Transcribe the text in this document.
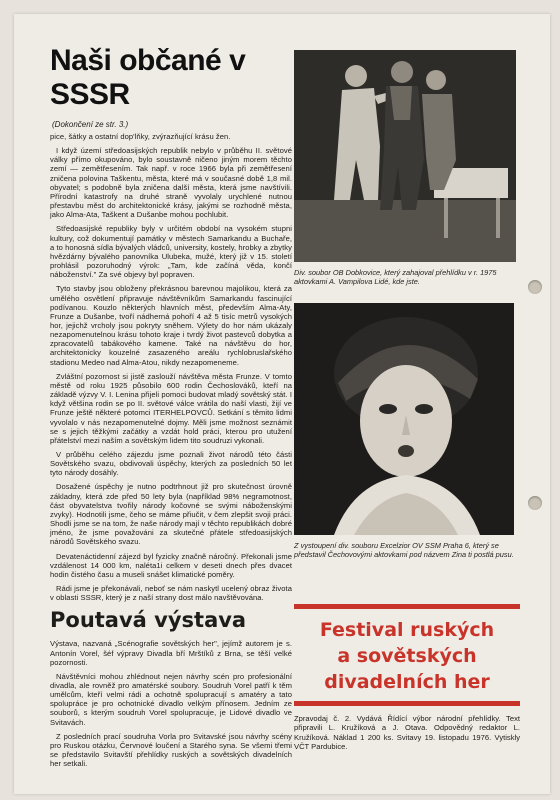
Naši občané v SSSR
(Dokončení ze str. 3.)

pice, šátky a ostatní dop'lňky, zvýrazňující krásu žen.

I když území středoasijských republik nebylo v průběhu II. světové války přímo okupováno, bylo soustavně ničeno jiným morem těchto zemí — zemětřesením. Tak např. v roce 1966 byla při zemětřesení zničena polovina Taškentu, města, které má v současné době 1,8 mil. obyvatel; s podobně byla zničena další města, která jsme navštívili. Přírodní katastrofy na druhé straně vyvolaly urychlené nutnou přestavbu měst do architektonické krásy, jakými se rozhodně města, jako Alma-Ata, Taškent a Dušanbe mohou pochlubit.

Středoasijské republiky byly v určitém období na vysokém stupni kultury, což dokumentují památky v městech Samarkandu a Buchaře, a to honosná sídla bývalých vládců, university, kostely, hrobky a zbytky hvězdárny bývalého panovníka Ulubeka, mužé, který již v 15. století prohlásil pozoruhodný výrok: „Tam, kde začíná věda, končí náboženství." Za své objevy byl popraven.

Tyto stavby jsou obloženy překrásnou barevnou majolikou, která za umělého osvětlení připravuje návštěvníkům Samarkandu fascinující podívanou. Kouzlo některých hlavních měst, především Alma-Aty, Frunze a Dušanbe, tvoří nádherná pohoří 4 až 5 tisíc metrů vysokých hor, jejichž vrcholy jsou pokryty sněhem. Výlety do hor nám ukázaly nezapomenutelnou krásu tohoto kraje i tvrdý život pastevců dobytka a zpracovatelů tabákového kamene. Také na návštěvu do hor, architektonicky kouzelné zasazeného areálu rychlobruslařského stadionu Medeo nad Alma-Atou, nikdy nezapomeneme.

Zvláštní pozornost si jistě zaslouží návštěva města Frunze. V tomto městě od roku 1925 působilo 600 rodin Čechoslováků, kteří na základě výzvy V. I. Lenina přijeli pomoci budovat mladý sovětský stát. I když většina rodin se po II. světové válce vrátila do naší vlasti, žijí ve Frunze ještě některé potomci ITERHELPOVCŮ. Setkání s těmito lidmi vyvolalo v nás nezapomenutelné dojmy. Měli jsme možnost seznámit se s jejich těžkými začátky a vzdát hold práci, kterou pro utužení přátelství mezi naším a sovětským lidem tito soudruzi vykonali.

V průběhu celého zájezdu jsme poznali život národů této části Sovětského svazu, obdivovali úspěchy, kterých za posledních 50 let tyto národy dosáhly.

Dosažené úspěchy je nutno podtrhnout již pro skutečnost úrovně základny, která zde před 50 lety byla (například 98% negramotnost, část obyvatelstva tvořily národy kočovné se svými náboženskými zvyky). Hodnotili jsme, čeho se máme přiučit, v čem zlepšit svoji práci. Shodli jsme se na tom, že naše národy mají v těchto republikách dobré jméno, že jsme považováni za skutečné přátele středoasijských národů Sovětského svazu.

Devatenáctidenní zájezd byl fyzicky značně náročný. Překonali jsme vzdálenost 14 000 km, naléta1i celkem v deseti dnech přes dvacet hodin čistého času a museli snášet klimatické poměry.

Rádi jsme je překonávali, neboť se nám naskytl ucelený obraz života v oblasti SSSR, který je z naší strany dost málo navštěvována.

Poutavá výstava

Výstava, nazvaná „Scénografie sovětských her", jejímž autorem je s. Antonín Vorel, šéf výpravy Divadla bří Mrštíků z Brna, se těší velké pozornosti.

Návštěvníci mohou zhlédnout nejen návrhy scén pro profesionální divadla, ale rovněž pro amatérské soubory. Soudruh Vorel patří k těm umělcům, kteří velmi rádi a ochotně spolupracují s amatéry a tato spolupráce je pro ochotnické divadlo velkým přínosem. Jedním ze souborů, s kterým soudruh Vorel spolupracuje, je Lidové divadlo ve Svitavách.

Z posledních prací soudruha Vorla pro Svitavské jsou návrhy scény pro Ruskou otázku, Červnové loučení a Starého syna. Se všemi třemi se představilo Svitavští přehlídky ruských a sovětských divadelních her setkali.

Div. soubor OB Dobkovice, který zahajoval přehlídku v r. 1975 aktovkami A. Vampilova Lidé, kde jste.
Z vystoupení div. souboru Excelzior OV SSM Praha 6, který se představil Čechovovými aktovkami pod názvem Zina ti postlá pusu.
Festival ruských
a sovětských
divadelních her
Zpravodaj č. 2. Vydává Řídící výbor národní přehlídky. Text připravili L. Kružíková a J. Otava. Odpovědný redaktor L. Kružíková. Náklad 1 200 ks. Svitavy 19. listopadu 1976. Vytiskly VČT Pardubice.
